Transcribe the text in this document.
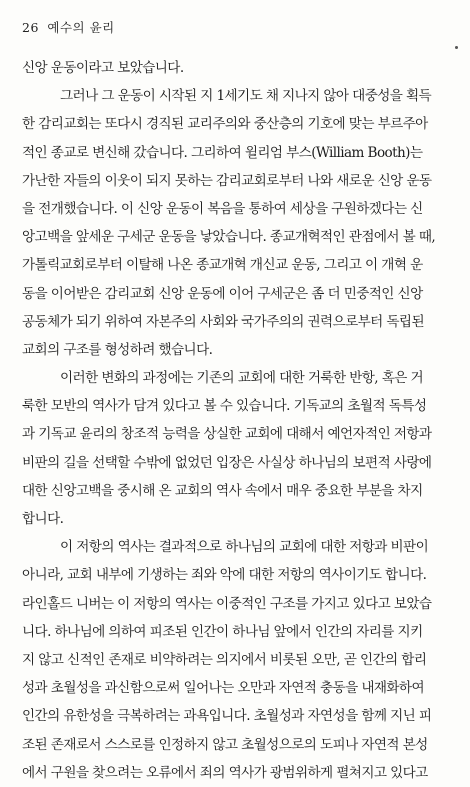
26 예수의 윤리
신앙 운동이라고 보았습니다.
그러나 그 운동이 시작된 지 1세기도 채 지나지 않아 대중성을 획득
한 감리교회는 또다시 경직된 교리주의와 중산층의 기호에 맞는 부르주아
적인 종교로 변신해 갔습니다. 그리하여 윌리엄 부스(William Booth)는
가난한 자들의 이웃이 되지 못하는 감리교회로부터 나와 새로운 신앙 운동
을 전개했습니다. 이 신앙 운동이 복음을 통하여 세상을 구원하겠다는 신
앙고백을 앞세운 구세군 운동을 낳았습니다. 종교개혁적인 관점에서 볼 때,
가톨릭교회로부터 이탈해 나온 종교개혁 개신교 운동, 그리고 이 개혁 운
동을 이어받은 감리교회 신앙 운동에 이어 구세군은 좀 더 민중적인 신앙
공동체가 되기 위하여 자본주의 사회와 국가주의의 권력으로부터 독립된
교회의 구조를 형성하려 했습니다.
이러한 변화의 과정에는 기존의 교회에 대한 거룩한 반항, 혹은 거
룩한 모반의 역사가 담겨 있다고 볼 수 있습니다. 기독교의 초월적 독특성
과 기독교 윤리의 창조적 능력을 상실한 교회에 대해서 예언자적인 저항과
비판의 길을 선택할 수밖에 없었던 입장은 사실상 하나님의 보편적 사랑에
대한 신앙고백을 중시해 온 교회의 역사 속에서 매우 중요한 부분을 차지
합니다.
이 저항의 역사는 결과적으로 하나님의 교회에 대한 저항과 비판이
아니라, 교회 내부에 기생하는 죄와 악에 대한 저항의 역사이기도 합니다.
라인홀드 니버는 이 저항의 역사는 이중적인 구조를 가지고 있다고 보았습
니다. 하나님에 의하여 피조된 인간이 하나님 앞에서 인간의 자리를 지키
지 않고 신적인 존재로 비약하려는 의지에서 비롯된 오만, 곧 인간의 합리
성과 초월성을 과신함으로써 일어나는 오만과 자연적 충동을 내재화하여
인간의 유한성을 극복하려는 과욕입니다. 초월성과 자연성을 함께 지닌 피
조된 존재로서 스스로를 인정하지 않고 초월성으로의 도피나 자연적 본성
에서 구원을 찾으려는 오류에서 죄의 역사가 광범위하게 펼쳐지고 있다고
